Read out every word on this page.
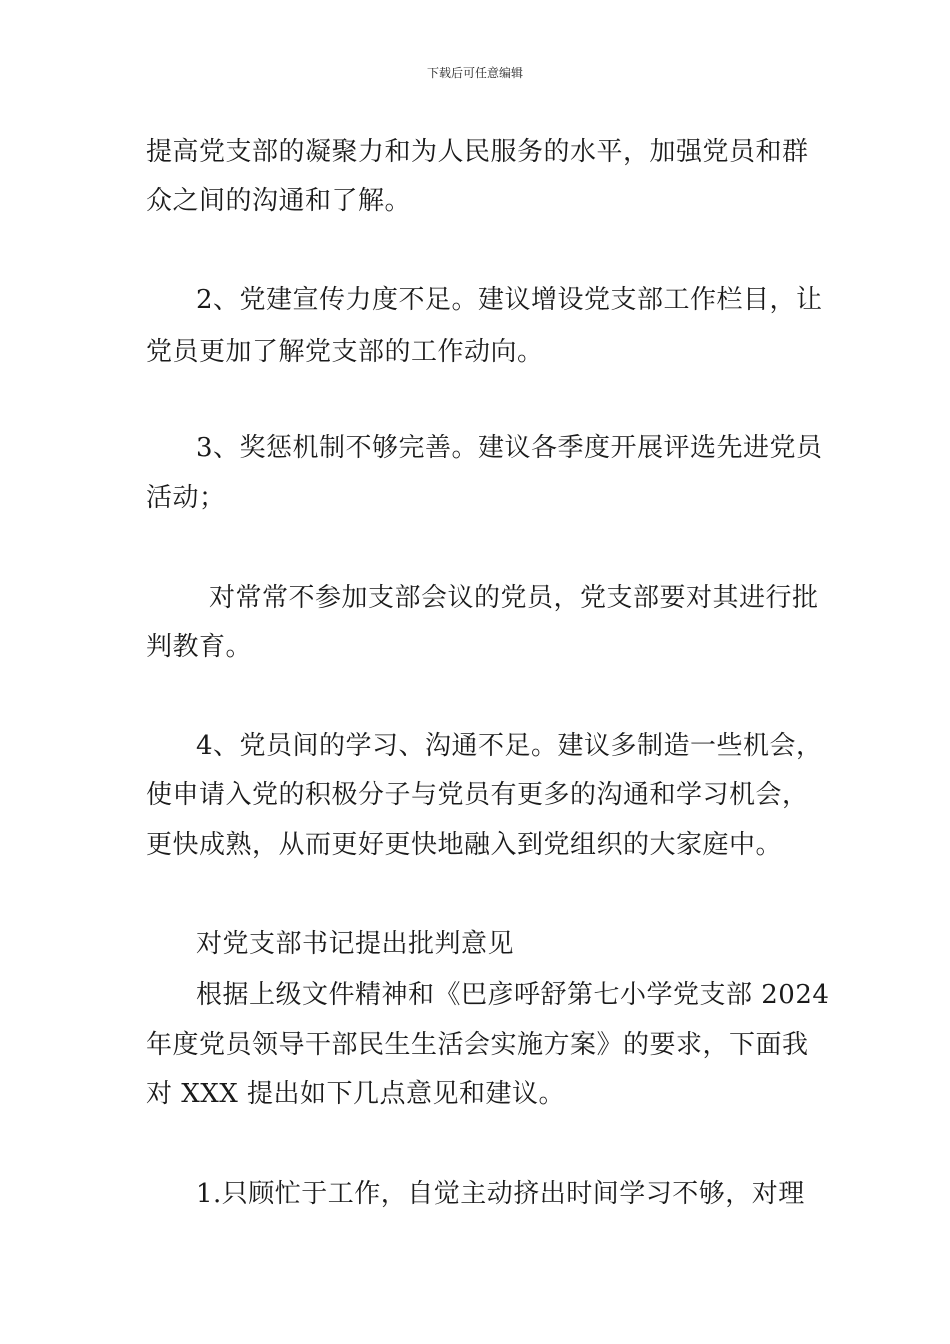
下载后可任意编辑
提高党支部的凝聚力和为人民服务的水平，加强党员和群
众之间的沟通和了解。
2、党建宣传力度不足。建议增设党支部工作栏目，让
党员更加了解党支部的工作动向。
3、奖惩机制不够完善。建议各季度开展评选先进党员
活动；
对常常不参加支部会议的党员，党支部要对其进行批
判教育。
4、党员间的学习、沟通不足。建议多制造一些机会，
使申请入党的积极分子与党员有更多的沟通和学习机会，
更快成熟，从而更好更快地融入到党组织的大家庭中。
对党支部书记提出批判意见
根据上级文件精神和《巴彦呼舒第七小学党支部 2024
年度党员领导干部民生生活会实施方案》的要求，下面我
对 XXX 提出如下几点意见和建议。
1.只顾忙于工作，自觉主动挤出时间学习不够，对理
